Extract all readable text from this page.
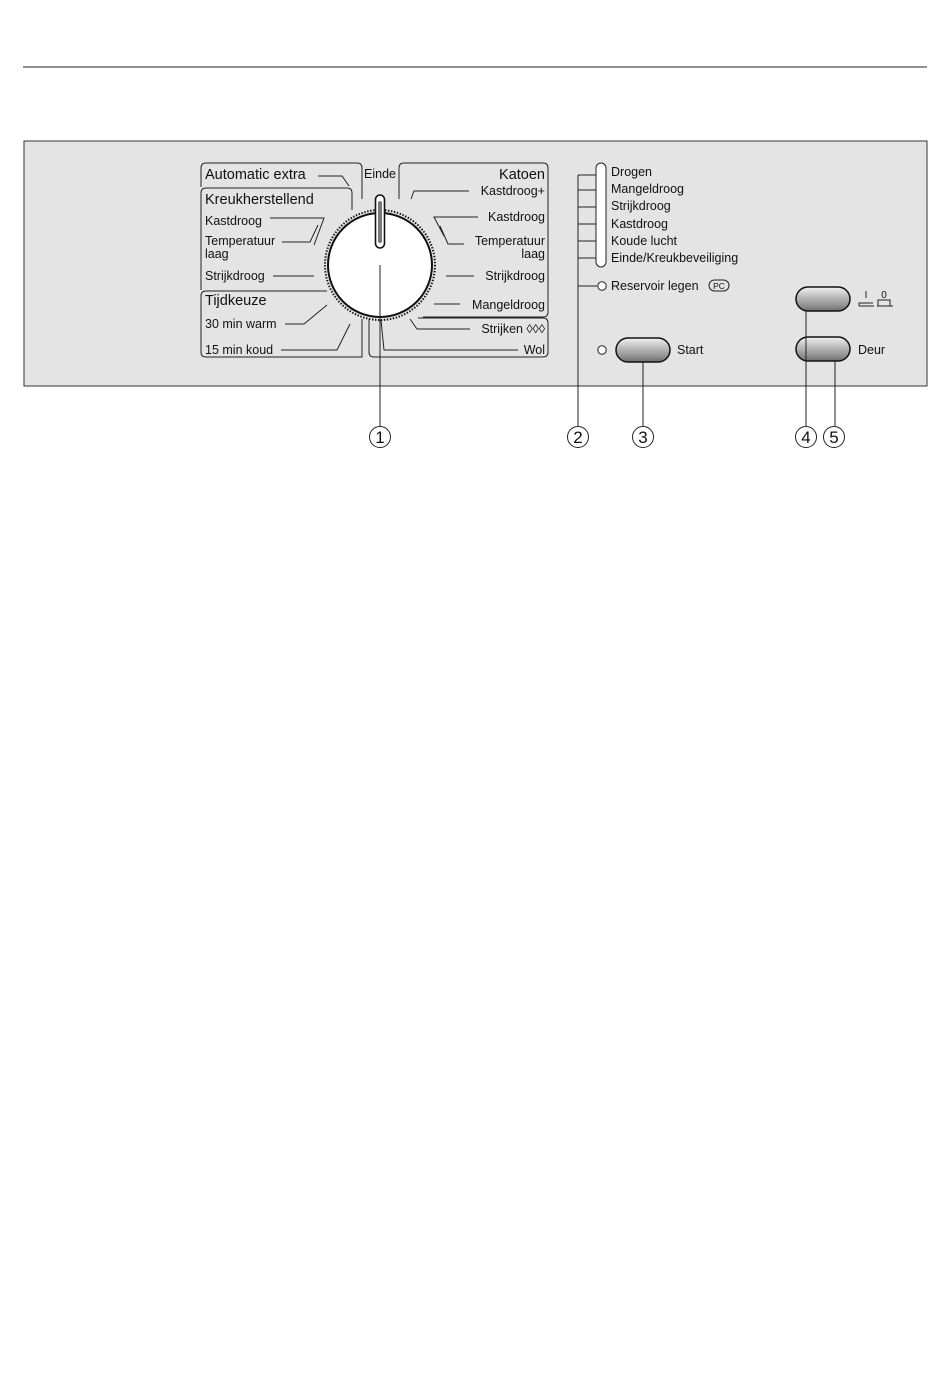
Automatic extra
Kreukherstellend
Kastdroog
Temperatuur
laag
Strijkdroog
Tijdkeuze
30 min warm
15 min koud
Einde	Katoen
Kastdroog+
Kastdroog
Temperatuur
laag
Strijkdroog
Mangeldroog
Strijken ◊◊◊
Wol
Drogen
Mangeldroog
Strijkdroog
Kastdroog
Koude lucht
Einde/Kreukbeveiliging
Reservoir legen PC
Start
I 0
Deur
1	2	3	4 5
